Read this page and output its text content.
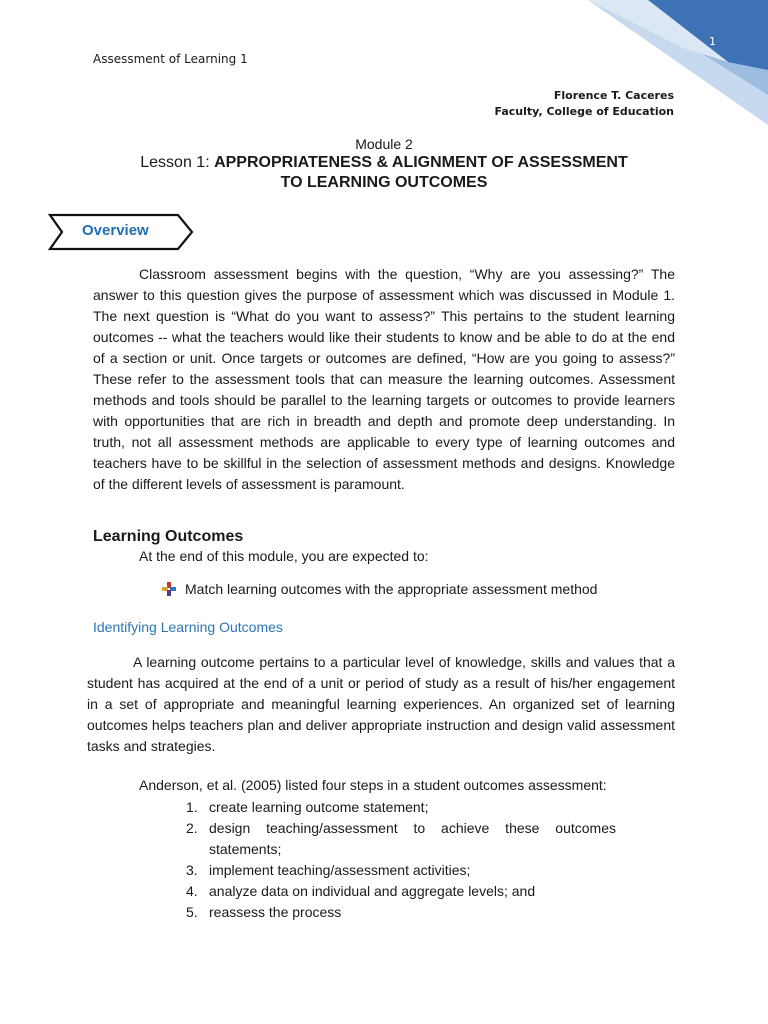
1
Assessment of Learning 1
Florence T. Caceres
Faculty, College of Education
Module 2
Lesson 1: APPROPRIATENESS & ALIGNMENT OF ASSESSMENT
TO LEARNING OUTCOMES
Overview

Classroom assessment begins with the question, “Why are you assessing?” The answer to this question gives the purpose of assessment which was discussed in Module 1. The next question is “What do you want to assess?” This pertains to the student learning outcomes -- what the teachers would like their students to know and be able to do at the end of a section or unit. Once targets or outcomes are defined, “How are you going to assess?” These refer to the assessment tools that can measure the learning outcomes. Assessment methods and tools should be parallel to the learning targets or outcomes to provide learners with opportunities that are rich in breadth and depth and promote deep understanding. In truth, not all assessment methods are applicable to every type of learning outcomes and teachers have to be skillful in the selection of assessment methods and designs. Knowledge of the different levels of assessment is paramount.

Learning Outcomes
At the end of this module, you are expected to:
Match learning outcomes with the appropriate assessment method
Identifying Learning Outcomes

A learning outcome pertains to a particular level of knowledge, skills and values that a student has acquired at the end of a unit or period of study as a result of his/her engagement in a set of appropriate and meaningful learning experiences. An organized set of learning outcomes helps teachers plan and deliver appropriate instruction and design valid assessment tasks and strategies.

Anderson, et al. (2005) listed four steps in a student outcomes assessment:
1. create learning outcome statement;
2. design teaching/assessment to achieve these outcomes statements;
3. implement teaching/assessment activities;
4. analyze data on individual and aggregate levels; and
5. reassess the process
